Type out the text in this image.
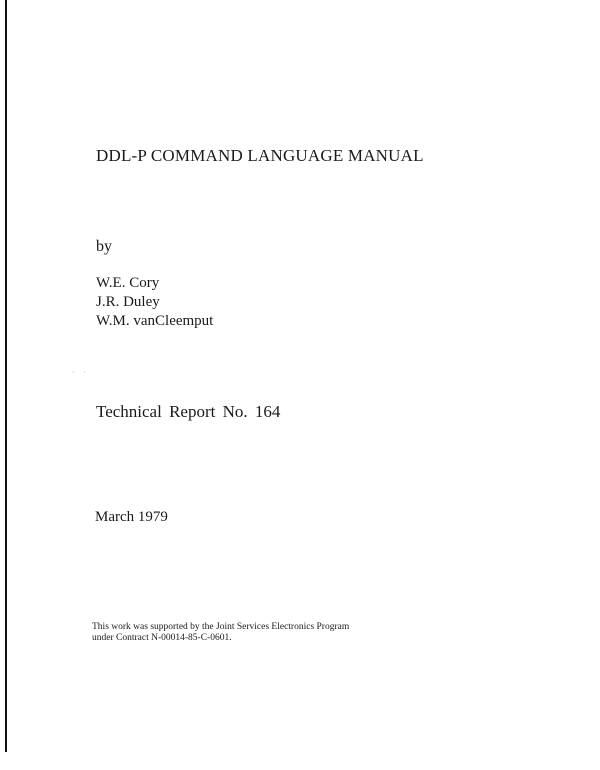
DDL-P COMMAND LANGUAGE MANUAL
by
W.E. Cory
J.R. Duley
W.M. vanCleemput
· ·
Technical Report No. 164
March 1979
This work was supported by the Joint Services Electronics Program
under Contract N-00014-85-C-0601.
